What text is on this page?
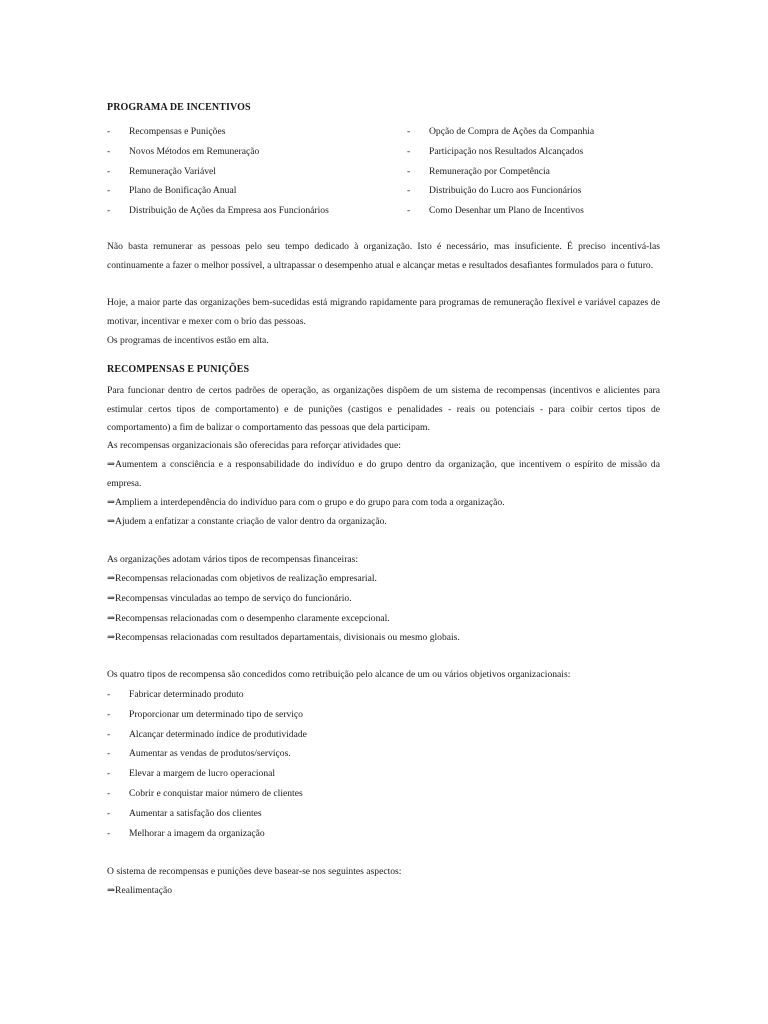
PROGRAMA DE INCENTIVOS

-	Recompensas e Punições
-	Novos Métodos em Remuneração
-	Remuneração Variável
-	Plano de Bonificação Anual
-	Distribuição de Ações da Empresa aos Funcionários
-	Opção de Compra de Ações da Companhia
-	Participação nos Resultados Alcançados
-	Remuneração por Competência
-	Distribuição do Lucro aos Funcionários
-	Como Desenhar um Plano de Incentivos

Não basta remunerar as pessoas pelo seu tempo dedicado à organização. Isto é necessário, mas insuficiente. É preciso incentivá-las continuamente a fazer o melhor possível, a ultrapassar o desempenho atual e alcançar metas e resultados desafiantes formulados para o futuro.

Hoje, a maior parte das organizações bem-sucedidas está migrando rapidamente para programas de remuneração flexível e variável capazes de motivar, incentivar e mexer com o brio das pessoas.

Os programas de incentivos estão em alta.

RECOMPENSAS E PUNIÇÕES

Para funcionar dentro de certos padrões de operação, as organizações dispõem de um sistema de recompensas (incentivos e alicientes para estimular certos tipos de comportamento) e de punições (castigos e penalidades - reais ou potenciais - para coibir certos tipos de comportamento) a fim de balizar o comportamento das pessoas que dela participam.

As recompensas organizacionais são oferecidas para reforçar atividades que:

⇒Aumentem a consciência e a responsabilidade do indivíduo e do grupo dentro da organização, que incentivem o espírito de missão da empresa.

⇒Ampliem a interdependência do indivíduo para com o grupo e do grupo para com toda a organização.

⇒Ajudem a enfatizar a constante criação de valor dentro da organização.

As organizações adotam vários tipos de recompensas financeiras:

⇒Recompensas relacionadas com objetivos de realização empresarial.

⇒Recompensas vinculadas ao tempo de serviço do funcionário.

⇒Recompensas relacionadas com o desempenho claramente excepcional.

⇒Recompensas relacionadas com resultados departamentais, divisionais ou mesmo globais.

Os quatro tipos de recompensa são concedidos como retribuição pelo alcance de um ou vários objetivos organizacionais:

-	Fabricar determinado produto
-	Proporcionar um determinado tipo de serviço
-	Alcançar determinado índice de produtividade
-	Aumentar as vendas de produtos/serviços.
-	Elevar a margem de lucro operacional
-	Cobrir e conquistar maior número de clientes
-	Aumentar a satisfação dos clientes
-	Melhorar a imagem da organização

O sistema de recompensas e punições deve basear-se nos seguintes aspectos:

⇒Realimentação
